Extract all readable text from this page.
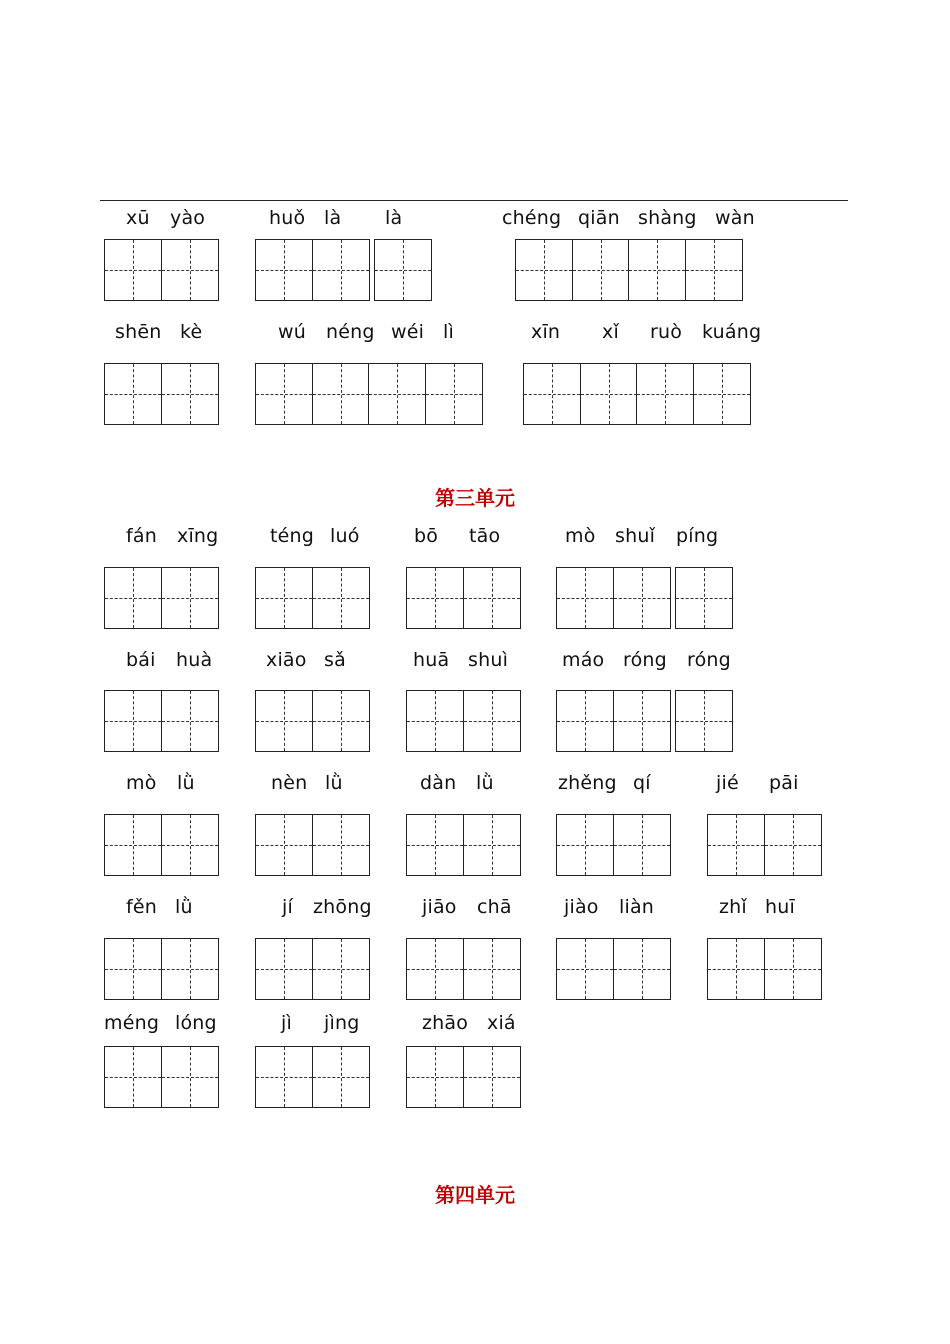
xū yào	huǒ là là	chéng qiān shàng wàn
shēn kè	wú néng wéi lì	xīn xǐ ruò kuáng
第三单元
fán xīng	téng luó	bō tāo	mò shuǐ píng
bái huà	xiāo sǎ	huā shuì	máo róng róng
mò lǜ	nèn lǜ	dàn lǜ	zhěng qí	jié pāi
fěn lǜ	jí zhōng	jiāo chā	jiào liàn	zhǐ huī
méng lóng	jì jìng	zhāo xiá
第四单元
